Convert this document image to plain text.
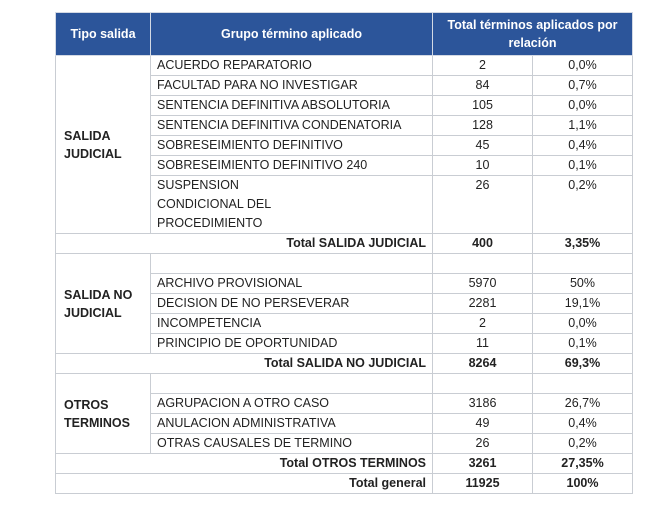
Tipo salida	Grupo término aplicado	Total términos aplicados por relación	
SALIDA JUDICIAL	ACUERDO REPARATORIO	2	0,0%
	FACULTAD PARA NO INVESTIGAR	84	0,7%
	SENTENCIA DEFINITIVA ABSOLUTORIA	105	0,0%
	SENTENCIA DEFINITIVA CONDENATORIA	128	1,1%
	SOBRESEIMIENTO DEFINITIVO	45	0,4%
	SOBRESEIMIENTO DEFINITIVO 240	10	0,1%
	SUSPENSION CONDICIONAL DEL PROCEDIMIENTO	26	0,2%
Total SALIDA JUDICIAL		400	3,35%
SALIDA NO JUDICIAL			
	ARCHIVO PROVISIONAL	5970	50%
	DECISION DE NO PERSEVERAR	2281	19,1%
	INCOMPETENCIA	2	0,0%
	PRINCIPIO DE OPORTUNIDAD	11	0,1%
Total SALIDA NO JUDICIAL		8264	69,3%
OTROS TERMINOS			
	AGRUPACION A OTRO CASO	3186	26,7%
	ANULACION ADMINISTRATIVA	49	0,4%
	OTRAS CAUSALES DE TERMINO	26	0,2%
Total OTROS TERMINOS		3261	27,35%
Total general		11925	100%
